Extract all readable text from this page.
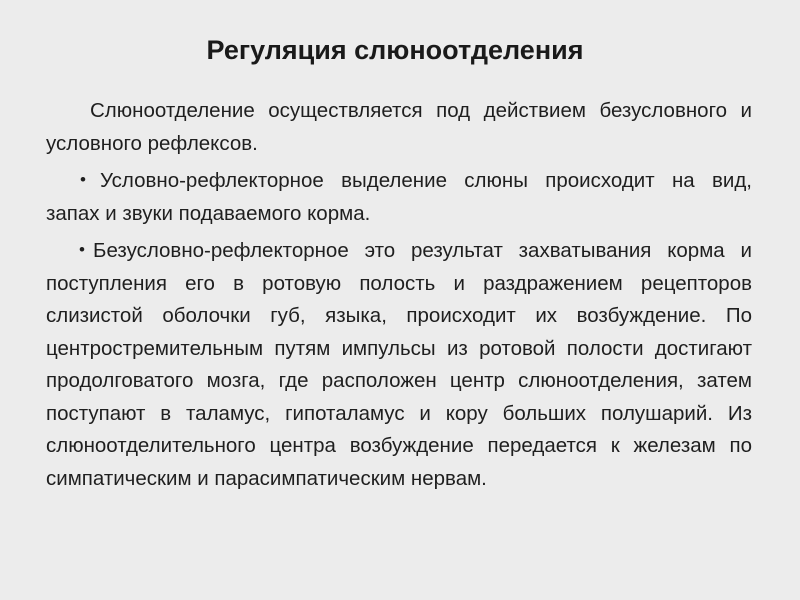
Регуляция слюноотделения

Слюноотделение осуществляется под действием безусловного и условного рефлексов.

• Условно-рефлекторное выделение слюны происходит на вид, запах и звуки подаваемого корма.

• Безусловно-рефлекторное это результат захватывания корма и поступления его в ротовую полость и раздражением рецепторов слизистой оболочки губ, языка, происходит их возбуждение. По центростремительным путям импульсы из ротовой полости достигают продолговатого мозга, где расположен центр слюноотделения, затем поступают в таламус, гипоталамус и кору больших полушарий. Из слюноотделительного центра возбуждение передается к железам по симпатическим и парасимпатическим нервам.
